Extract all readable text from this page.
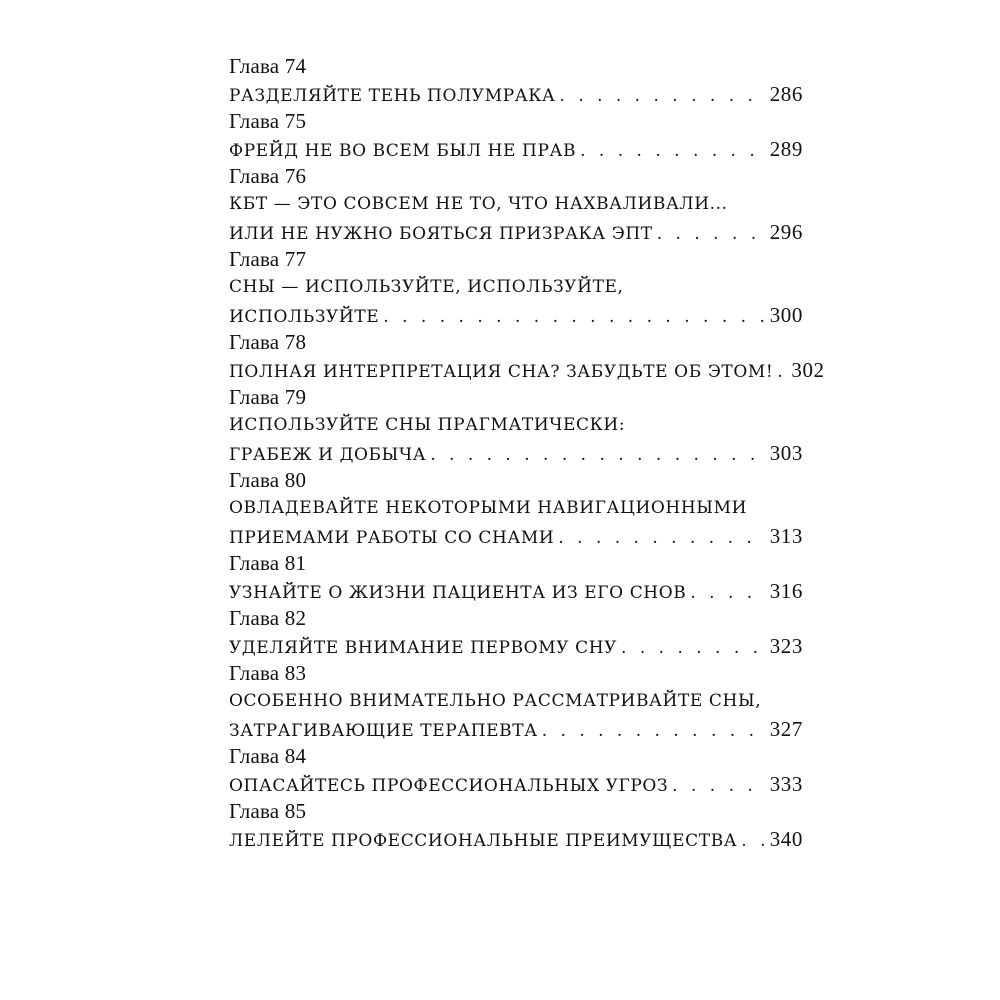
Глава 74
РАЗДЕЛЯЙТЕ ТЕНЬ ПОЛУМРАКА . . .	286
Глава 75
ФРЕЙД НЕ ВО ВСЕМ БЫЛ НЕ ПРАВ . . .	289
Глава 76
КБТ — ЭТО СОВСЕМ НЕ ТО, ЧТО НАХВАЛИВАЛИ...
ИЛИ НЕ НУЖНО БОЯТЬСЯ ПРИЗРАКА ЭПТ . . .	296
Глава 77
СНЫ — ИСПОЛЬЗУЙТЕ, ИСПОЛЬЗУЙТЕ,
ИСПОЛЬЗУЙТЕ . . .	300
Глава 78
ПОЛНАЯ ИНТЕРПРЕТАЦИЯ СНА? ЗАБУДЬТЕ ОБ ЭТОМ! . . . 302
Глава 79
ИСПОЛЬЗУЙТЕ СНЫ ПРАГМАТИЧЕСКИ:
ГРАБЕЖ И ДОБЫЧА . . .	303
Глава 80
ОВЛАДЕВАЙТЕ НЕКОТОРЫМИ НАВИГАЦИОННЫМИ
ПРИЕМАМИ РАБОТЫ СО СНАМИ . . .	313
Глава 81
УЗНАЙТЕ О ЖИЗНИ ПАЦИЕНТА ИЗ ЕГО СНОВ . . .	316
Глава 82
УДЕЛЯЙТЕ ВНИМАНИЕ ПЕРВОМУ СНУ . . .	323
Глава 83
ОСОБЕННО ВНИМАТЕЛЬНО РАССМАТРИВАЙТЕ СНЫ,
ЗАТРАГИВАЮЩИЕ ТЕРАПЕВТА . . .	327
Глава 84
ОПАСАЙТЕСЬ ПРОФЕССИОНАЛЬНЫХ УГРОЗ . . .	333
Глава 85
ЛЕЛЕЙТЕ ПРОФЕССИОНАЛЬНЫЕ ПРЕИМУЩЕСТВА . . . 340
